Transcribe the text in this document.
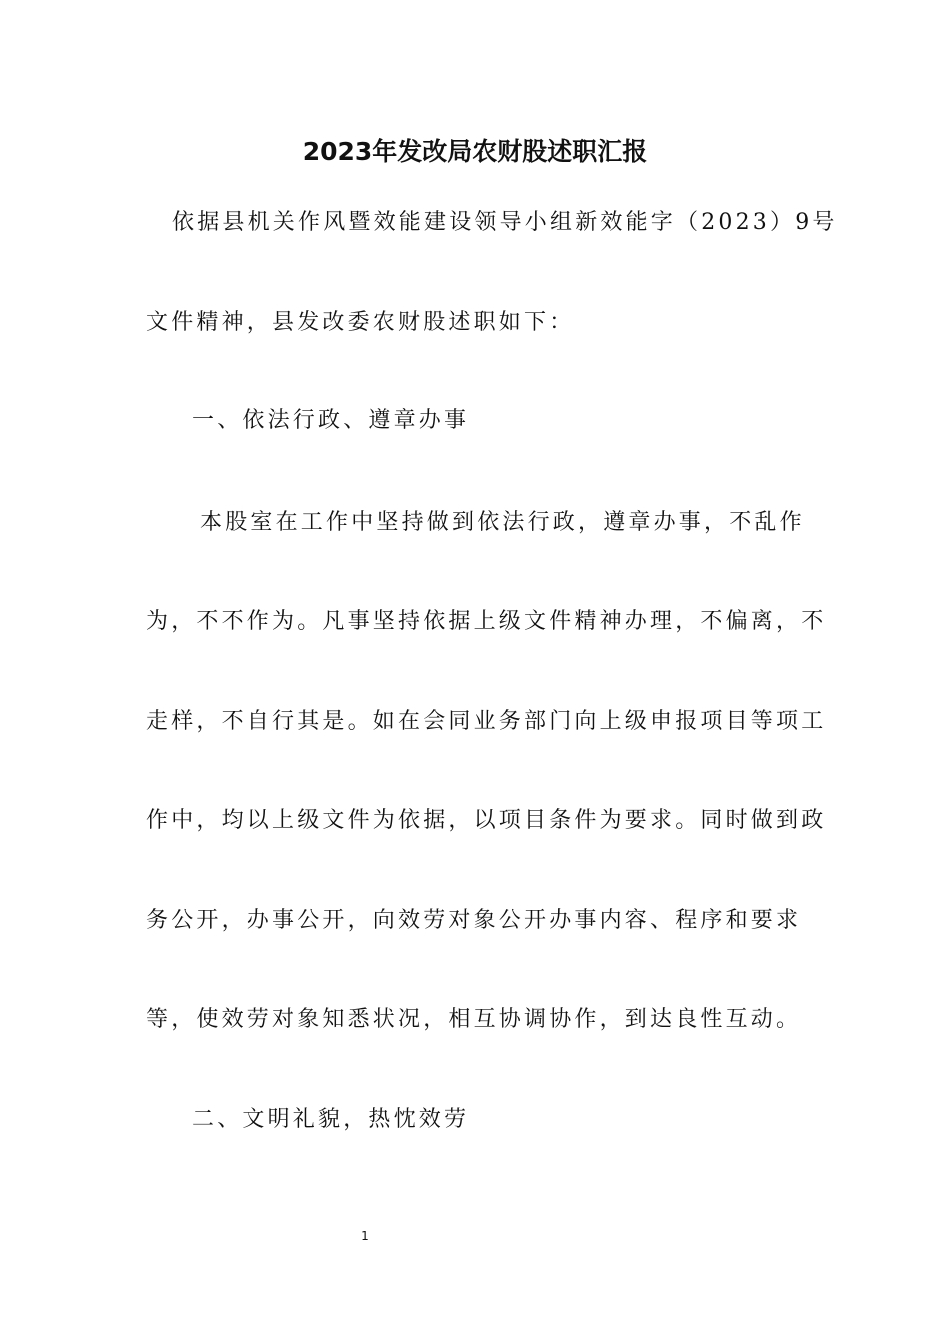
2023年发改局农财股述职汇报
依据县机关作风暨效能建设领导小组新效能字（2023）9号
文件精神，县发改委农财股述职如下：
一、依法行政、遵章办事
本股室在工作中坚持做到依法行政，遵章办事，不乱作
为，不不作为。凡事坚持依据上级文件精神办理，不偏离，不
走样，不自行其是。如在会同业务部门向上级申报项目等项工
作中，均以上级文件为依据，以项目条件为要求。同时做到政
务公开，办事公开，向效劳对象公开办事内容、程序和要求
等，使效劳对象知悉状况，相互协调协作，到达良性互动。
二、文明礼貌，热忱效劳
1
